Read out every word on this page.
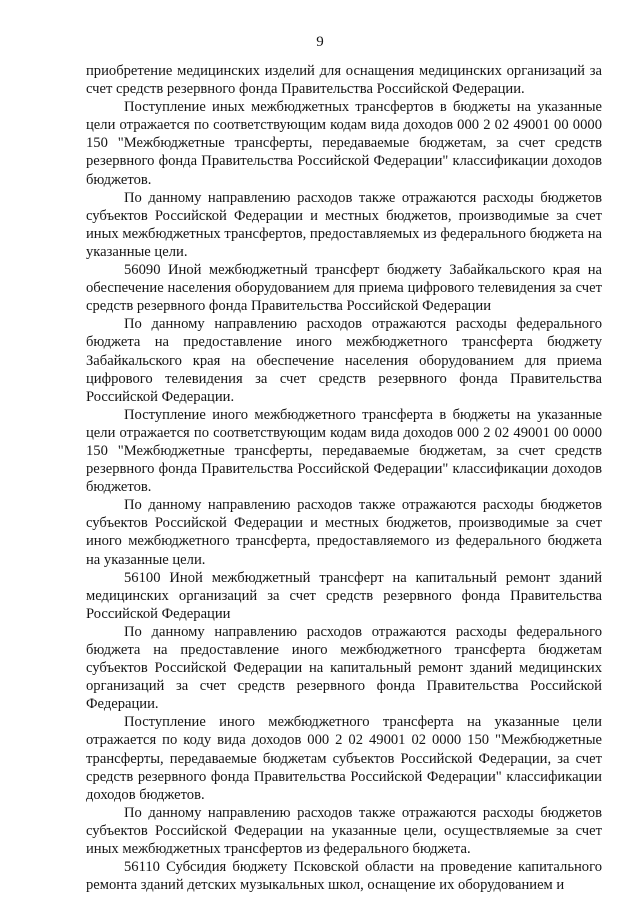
9

приобретение медицинских изделий для оснащения медицинских организаций за счет средств резервного фонда Правительства Российской Федерации.

Поступление иных межбюджетных трансфертов в бюджеты на указанные цели отражается по соответствующим кодам вида доходов 000 2 02 49001 00 0000 150 "Межбюджетные трансферты, передаваемые бюджетам, за счет средств резервного фонда Правительства Российской Федерации" классификации доходов бюджетов.

По данному направлению расходов также отражаются расходы бюджетов субъектов Российской Федерации и местных бюджетов, производимые за счет иных межбюджетных трансфертов, предоставляемых из федерального бюджета на указанные цели.

56090 Иной межбюджетный трансферт бюджету Забайкальского края на обеспечение населения оборудованием для приема цифрового телевидения за счет средств резервного фонда Правительства Российской Федерации

По данному направлению расходов отражаются расходы федерального бюджета на предоставление иного межбюджетного трансферта бюджету Забайкальского края на обеспечение населения оборудованием для приема цифрового телевидения за счет средств резервного фонда Правительства Российской Федерации.

Поступление иного межбюджетного трансферта в бюджеты на указанные цели отражается по соответствующим кодам вида доходов 000 2 02 49001 00 0000 150 "Межбюджетные трансферты, передаваемые бюджетам, за счет средств резервного фонда Правительства Российской Федерации" классификации доходов бюджетов.

По данному направлению расходов также отражаются расходы бюджетов субъектов Российской Федерации и местных бюджетов, производимые за счет иного межбюджетного трансферта, предоставляемого из федерального бюджета на указанные цели.

56100 Иной межбюджетный трансферт на капитальный ремонт зданий медицинских организаций за счет средств резервного фонда Правительства Российской Федерации

По данному направлению расходов отражаются расходы федерального бюджета на предоставление иного межбюджетного трансферта бюджетам субъектов Российской Федерации на капитальный ремонт зданий медицинских организаций за счет средств резервного фонда Правительства Российской Федерации.

Поступление иного межбюджетного трансферта на указанные цели отражается по коду вида доходов 000 2 02 49001 02 0000 150 "Межбюджетные трансферты, передаваемые бюджетам субъектов Российской Федерации, за счет средств резервного фонда Правительства Российской Федерации" классификации доходов бюджетов.

По данному направлению расходов также отражаются расходы бюджетов субъектов Российской Федерации на указанные цели, осуществляемые за счет иных межбюджетных трансфертов из федерального бюджета.

56110 Субсидия бюджету Псковской области на проведение капитального ремонта зданий детских музыкальных школ, оснащение их оборудованием и
